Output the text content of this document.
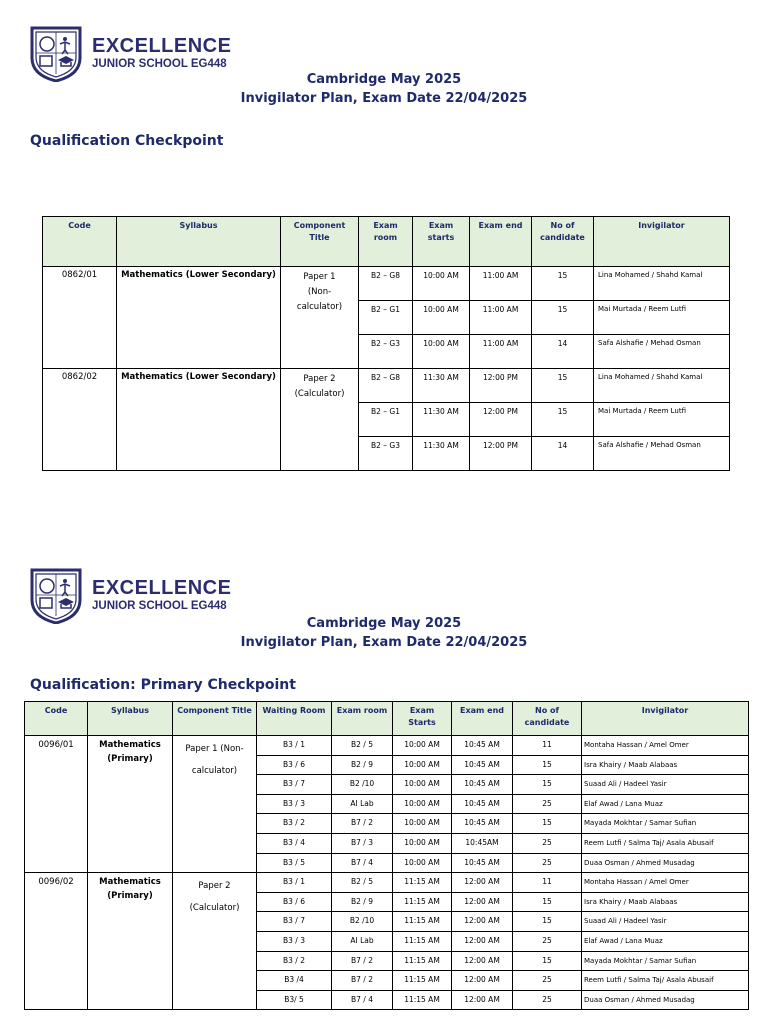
EXCELLENCE
JUNIOR SCHOOL EG448
Cambridge May 2025
Invigilator Plan, Exam Date 22/04/2025
Qualification Checkpoint
Code	Syllabus	Component Title	Exam room	Exam starts	Exam end	No of candidate	Invigilator
0862/01	Mathematics (Lower Secondary)	Paper 1 (Non-calculator)	B2 – G8	10:00 AM	11:00 AM	15	Lina Mohamed / Shahd Kamal
			B2 – G1	10:00 AM	11:00 AM	15	Mai Murtada / Reem Lutfi
			B2 – G3	10:00 AM	11:00 AM	14	Safa Alshafie / Mehad Osman
0862/02	Mathematics (Lower Secondary)	Paper 2 (Calculator)	B2 – G8	11:30 AM	12:00 PM	15	Lina Mohamed / Shahd Kamal
			B2 – G1	11:30 AM	12:00 PM	15	Mai Murtada / Reem Lutfi
			B2 – G3	11:30 AM	12:00 PM	14	Safa Alshafie / Mehad Osman
EXCELLENCE
JUNIOR SCHOOL EG448
Cambridge May 2025
Invigilator Plan, Exam Date 22/04/2025
Qualification: Primary Checkpoint
Code	Syllabus	Component Title	Waiting Room	Exam room	Exam Starts	Exam end	No of candidate	Invigilator
0096/01	Mathematics (Primary)	Paper 1 (Non-calculator)	B3 / 1	B2 / 5	10:00 AM	10:45 AM	11	Montaha Hassan / Amel Omer
			B3 / 6	B2 / 9	10:00 AM	10:45 AM	15	Isra Khairy / Maab Alabaas
			B3 / 7	B2 /10	10:00 AM	10:45 AM	15	Suaad Ali / Hadeel Yasir
			B3 / 3	AI Lab	10:00 AM	10:45 AM	25	Elaf Awad / Lana Muaz
			B3 / 2	B7 / 2	10:00 AM	10:45 AM	15	Mayada Mokhtar / Samar Sufian
			B3 / 4	B7 / 3	10:00 AM	10:45AM	25	Reem Lutfi / Salma Taj/ Asala Abusaif
			B3 / 5	B7 / 4	10:00 AM	10:45 AM	25	Duaa Osman / Ahmed Musadag
0096/02	Mathematics (Primary)	Paper 2 (Calculator)	B3 / 1	B2 / 5	11:15 AM	12:00 AM	11	Montaha Hassan / Amel Omer
			B3 / 6	B2 / 9	11:15 AM	12:00 AM	15	Isra Khairy / Maab Alabaas
			B3 / 7	B2 /10	11:15 AM	12:00 AM	15	Suaad Ali / Hadeel Yasir
			B3 / 3	AI Lab	11:15 AM	12:00 AM	25	Elaf Awad / Lana Muaz
			B3 / 2	B7 / 2	11:15 AM	12:00 AM	15	Mayada Mokhtar / Samar Sufian
			B3 /4	B7 / 2	11:15 AM	12:00 AM	25	Reem Lutfi / Salma Taj/ Asala Abusaif
			B3/ 5	B7 / 4	11:15 AM	12:00 AM	25	Duaa Osman / Ahmed Musadag
